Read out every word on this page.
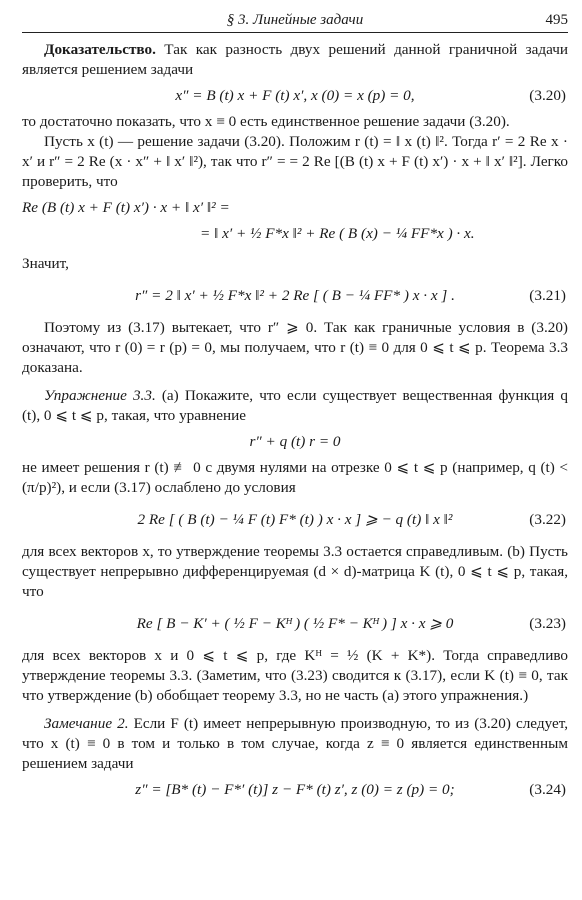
§ 3. Линейные задачи	495

Доказательство. Так как разность двух решений данной граничной задачи является решением задачи

x″ = B (t) x + F (t) x′, x (0) = x (p) = 0,	(3.20)

то достаточно показать, что x ≡ 0 есть единственное решение задачи (3.20).

Пусть x (t) — решение задачи (3.20). Положим r (t) = ‖ x (t) ‖². Тогда r′ = 2 Re x · x′ и r″ = 2 Re (x · x″ + ‖ x′ ‖²), так что r″ = = 2 Re [(B (t) x + F (t) x′) · x + ‖ x′ ‖²]. Легко проверить, что

Re (B (t) x + F (t) x′) · x + ‖ x′ ‖² =
= ‖ x′ + ½ F*x ‖² + Re ( B (x) − ¼ FF*x ) · x.

Значит,

r″ = 2 ‖ x′ + ½ F*x ‖² + 2 Re [ ( B − ¼ FF* ) x · x ] .	(3.21)

Поэтому из (3.17) вытекает, что r″ ⩾ 0. Так как граничные условия в (3.20) означают, что r (0) = r (p) = 0, мы получаем, что r (t) ≡ 0 для 0 ⩽ t ⩽ p. Теорема 3.3 доказана.

Упражнение 3.3. (a) Покажите, что если существует вещественная функция q (t), 0 ⩽ t ⩽ p, такая, что уравнение

r″ + q (t) r = 0

не имеет решения r (t) ≢ 0 с двумя нулями на отрезке 0 ⩽ t ⩽ p (например, q (t) < (π/p)²), и если (3.17) ослаблено до условия

2 Re [ ( B (t) − ¼ F (t) F* (t) ) x · x ] ⩾ − q (t) ‖ x ‖²	(3.22)

для всех векторов x, то утверждение теоремы 3.3 остается справедливым. (b) Пусть существует непрерывно дифференцируемая (d × d)-матрица K (t), 0 ⩽ t ⩽ p, такая, что

Re [ B − K′ + ( ½ F − Kᴴ ) ( ½ F* − Kᴴ ) ] x · x ⩾ 0	(3.23)

для всех векторов x и 0 ⩽ t ⩽ p, где Kᴴ = ½ (K + K*). Тогда справедливо утверждение теоремы 3.3. (Заметим, что (3.23) сводится к (3.17), если K (t) ≡ 0, так что утверждение (b) обобщает теорему 3.3, но не часть (a) этого упражнения.)

Замечание 2. Если F (t) имеет непрерывную производную, то из (3.20) следует, что x (t) ≡ 0 в том и только в том случае, когда z ≡ 0 является единственным решением задачи

z″ = [B* (t) − F*′ (t)] z − F* (t) z′, z (0) = z (p) = 0;	(3.24)
